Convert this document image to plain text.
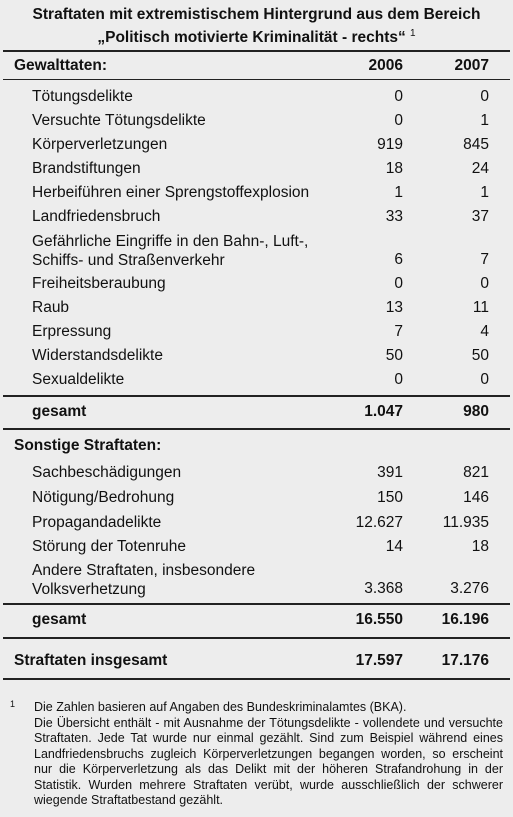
Straftaten mit extremistischem Hintergrund aus dem Bereich
„Politisch motivierte Kriminalität - rechts“ $^1$
Gewalttaten:	2006	2007
Tötungsdelikte	0	0
Versuchte Tötungsdelikte	0	1
Körperverletzungen	919	845
Brandstiftungen	18	24
Herbeiführen einer Sprengstoffexplosion	1	1
Landfriedensbruch	33	37
Gefährliche Eingriffe in den Bahn-, Luft-,
Schiffs- und Straßenverkehr	6	7
Freiheitsberaubung	0	0
Raub	13	11
Erpressung	7	4
Widerstandsdelikte	50	50
Sexualdelikte	0	0
gesamt	1.047	980
Sonstige Straftaten:
Sachbeschädigungen	391	821
Nötigung/Bedrohung	150	146
Propagandadelikte	12.627	11.935
Störung der Totenruhe	14	18
Andere Straftaten, insbesondere
Volksverhetzung	3.368	3.276
gesamt	16.550 16.196
Straftaten insgesamt	17.597 17.176
1 Die Zahlen basieren auf Angaben des Bundeskriminalamtes (BKA).

Die Übersicht enthält - mit Ausnahme der Tötungsdelikte - vollendete und versuchte Straftaten. Jede Tat wurde nur einmal gezählt. Sind zum Beispiel während eines Landfriedensbruchs zugleich Körperverletzungen begangen worden, so erscheint nur die Körperverletzung als das Delikt mit der höheren Strafandrohung in der Statistik. Wurden mehrere Straftaten verübt, wurde ausschließlich der schwerer wiegende Straftatbestand gezählt.
